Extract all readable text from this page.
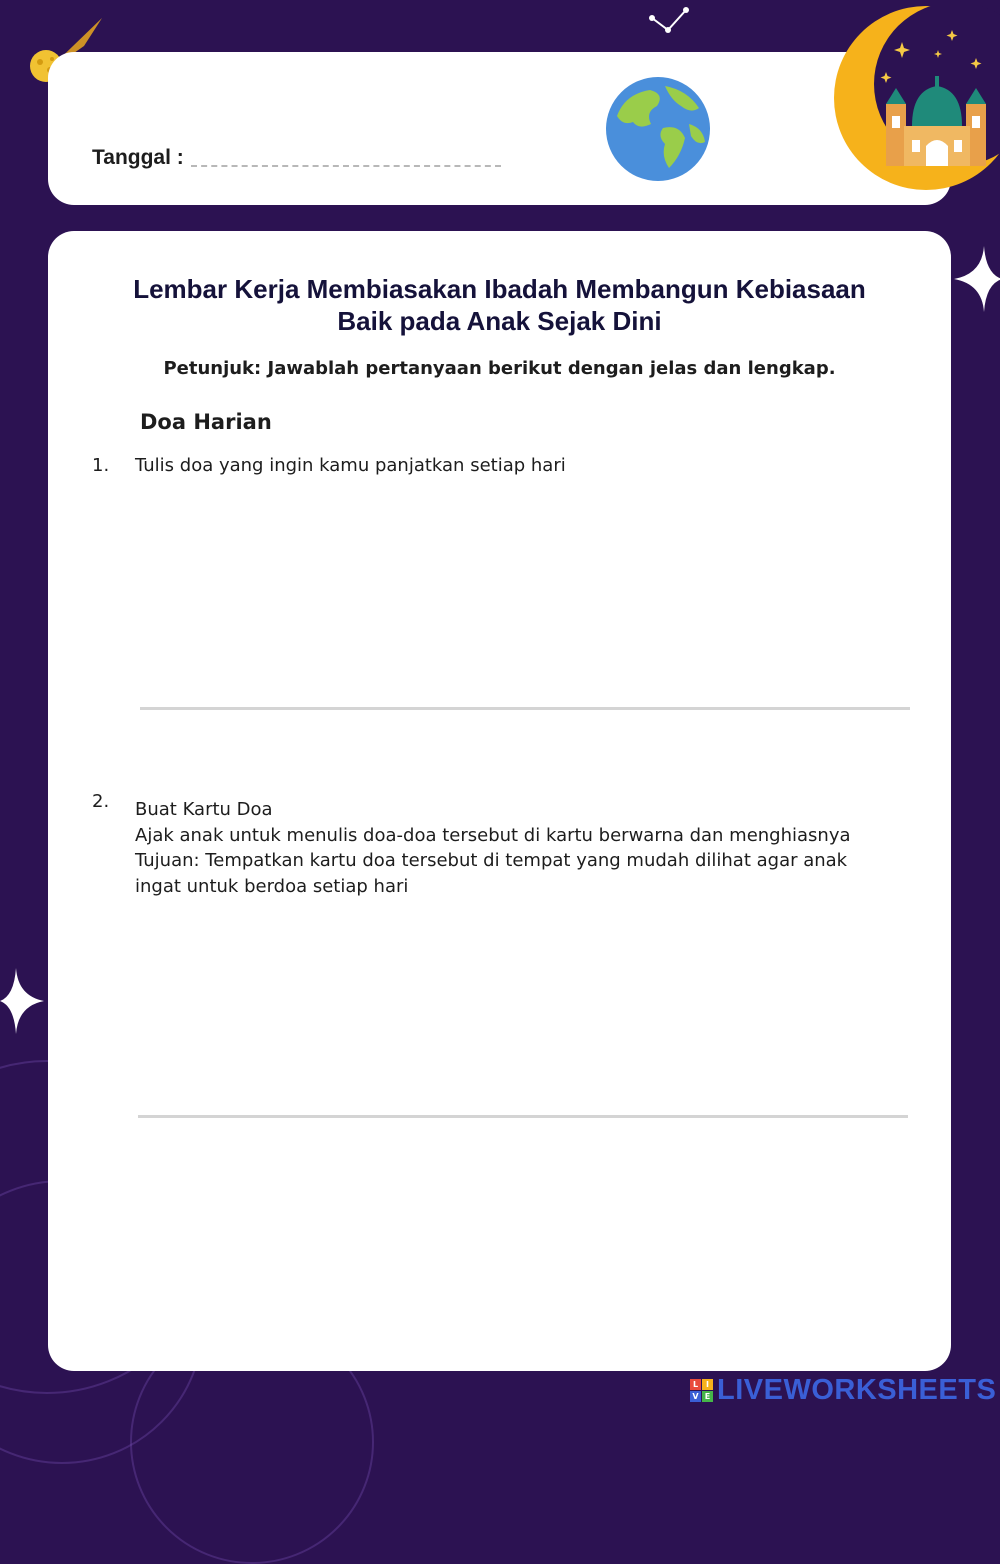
Tanggal :
Lembar Kerja Membiasakan Ibadah Membangun Kebiasaan
Baik pada Anak Sejak Dini
Petunjuk: Jawablah pertanyaan berikut dengan jelas dan lengkap.
Doa Harian
1. Tulis doa yang ingin kamu panjatkan setiap hari
2. Buat Kartu Doa
Ajak anak untuk menulis doa-doa tersebut di kartu berwarna dan menghiasnya
Tujuan: Tempatkan kartu doa tersebut di tempat yang mudah dilihat agar anak
ingat untuk berdoa setiap hari
L I
V E LIVEWORKSHEETS
